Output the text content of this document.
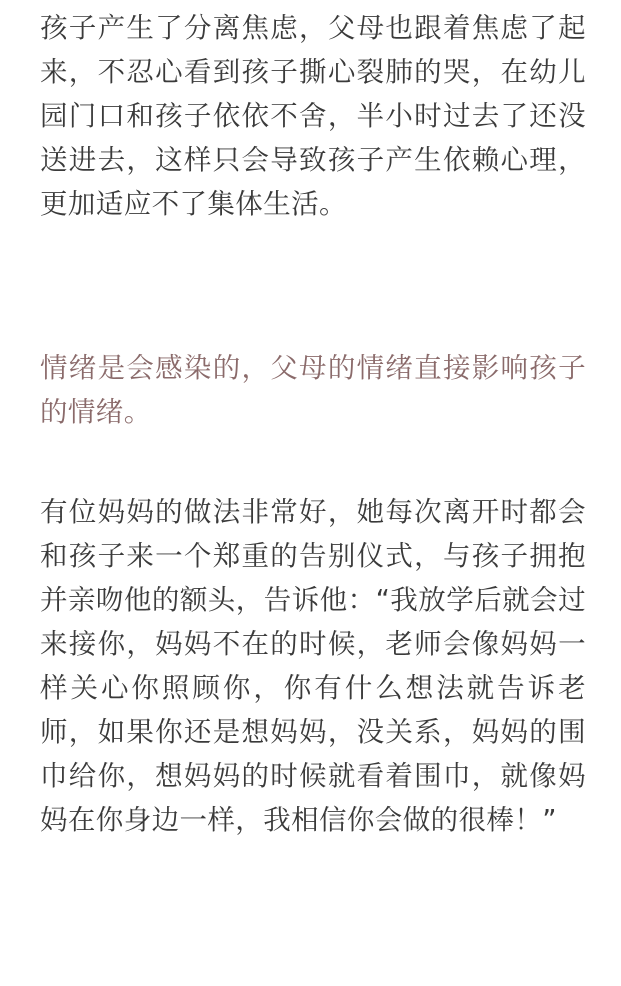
孩子产生了分离焦虑，父母也跟着焦虑了起来，不忍心看到孩子撕心裂肺的哭，在幼儿园门口和孩子依依不舍，半小时过去了还没送进去，这样只会导致孩子产生依赖心理，更加适应不了集体生活。

情绪是会感染的，父母的情绪直接影响孩子的情绪。

有位妈妈的做法非常好，她每次离开时都会和孩子来一个郑重的告别仪式，与孩子拥抱并亲吻他的额头，告诉他：“我放学后就会过来接你，妈妈不在的时候，老师会像妈妈一样关心你照顾你，你有什么想法就告诉老师，如果你还是想妈妈，没关系，妈妈的围巾给你，想妈妈的时候就看着围巾，就像妈妈在你身边一样，我相信你会做的很棒！”
